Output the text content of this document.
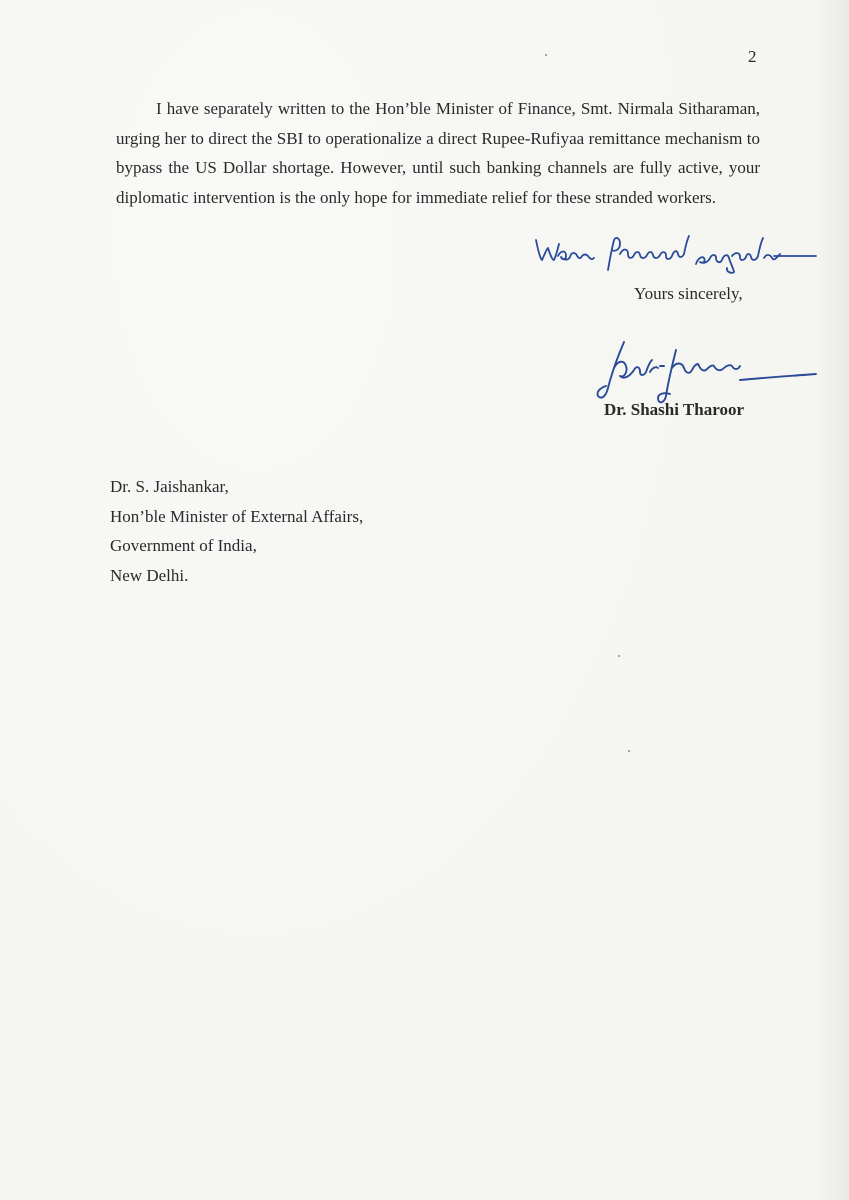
2

I have separately written to the Hon’ble Minister of Finance, Smt. Nirmala Sitharaman, urging her to direct the SBI to operationalize a direct Rupee-Rufiyaa remittance mechanism to bypass the US Dollar shortage. However, until such banking channels are fully active, your diplomatic intervention is the only hope for immediate relief for these stranded workers.

Yours sincerely,
Dr. Shashi Tharoor
Dr. S. Jaishankar,
Hon’ble Minister of External Affairs,
Government of India,
New Delhi.
